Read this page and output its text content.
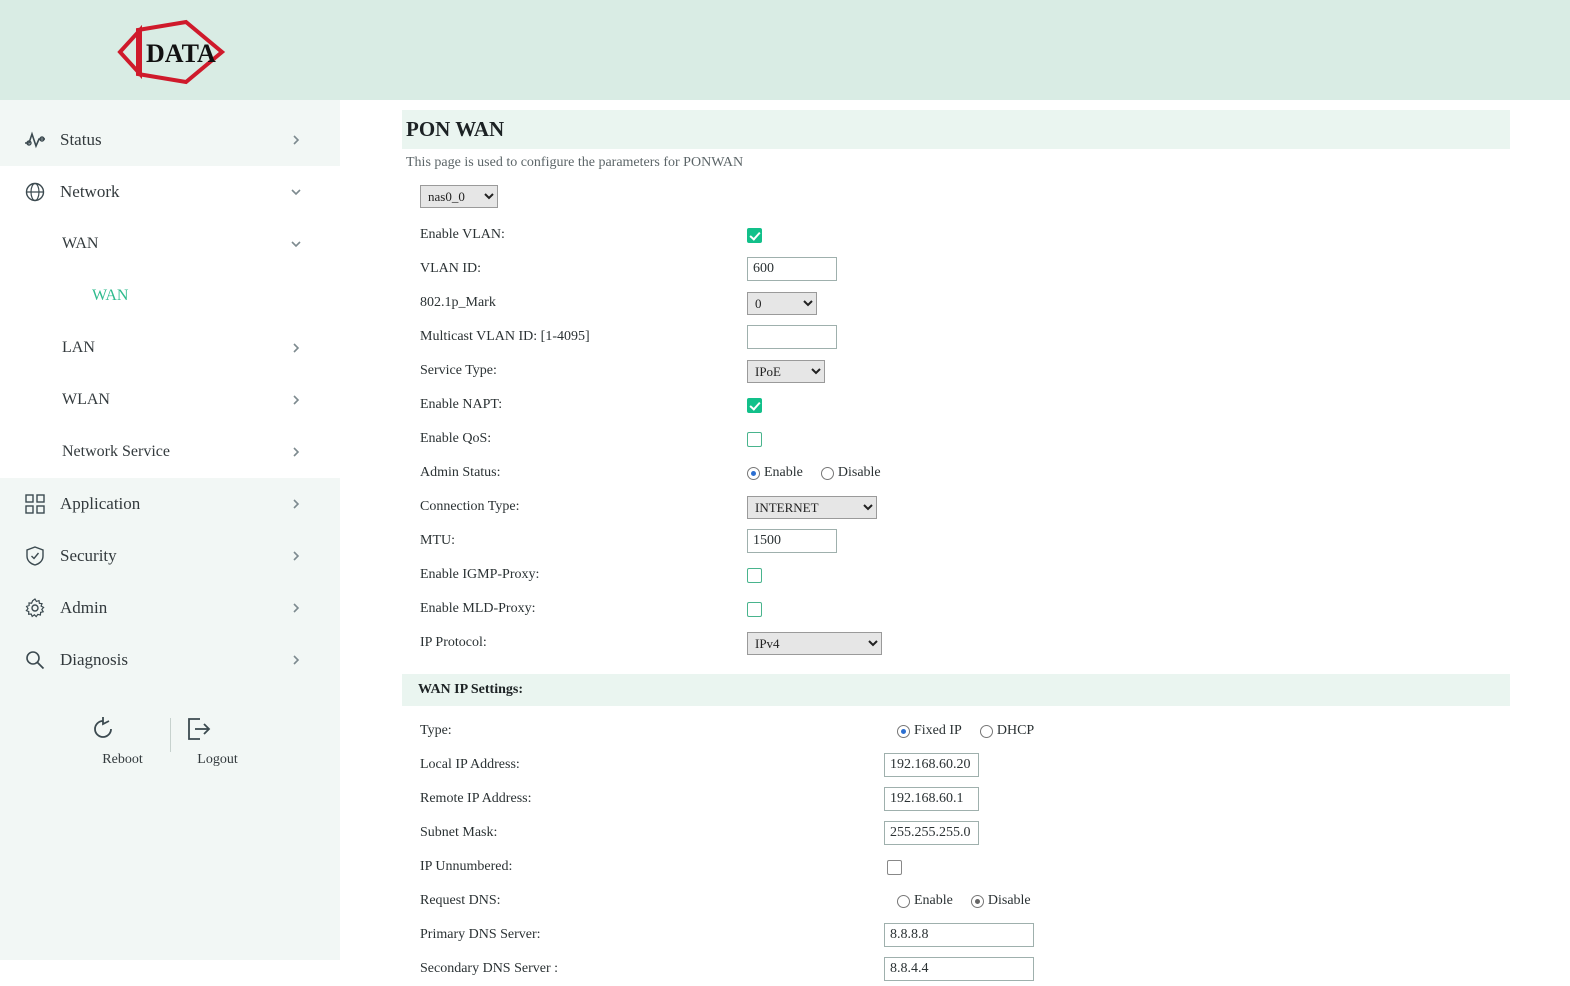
DATA
Status
Network
WAN
WAN
LAN
WLAN
Network Service
Application
Security
Admin
Diagnosis
Reboot	Logout
PON WAN
This page is used to configure the parameters for PONWAN
nas0_0
Enable VLAN:
VLAN ID:
600
802.1p_Mark
0
Multicast VLAN ID: [1-4095]
Service Type:
IPoE
Enable NAPT:
Enable QoS:
Admin Status:	Enable	Disable
Connection Type:
INTERNET
MTU:
1500
Enable IGMP-Proxy:
Enable MLD-Proxy:
IP Protocol:
IPv4
WAN IP Settings:
Type:	Fixed IP	DHCP
Local IP Address:
192.168.60.20
Remote IP Address:
192.168.60.1
Subnet Mask:
255.255.255.0
IP Unnumbered:
Request DNS:	Enable	Disable
Primary DNS Server:
8.8.8.8
Secondary DNS Server :
8.8.4.4
